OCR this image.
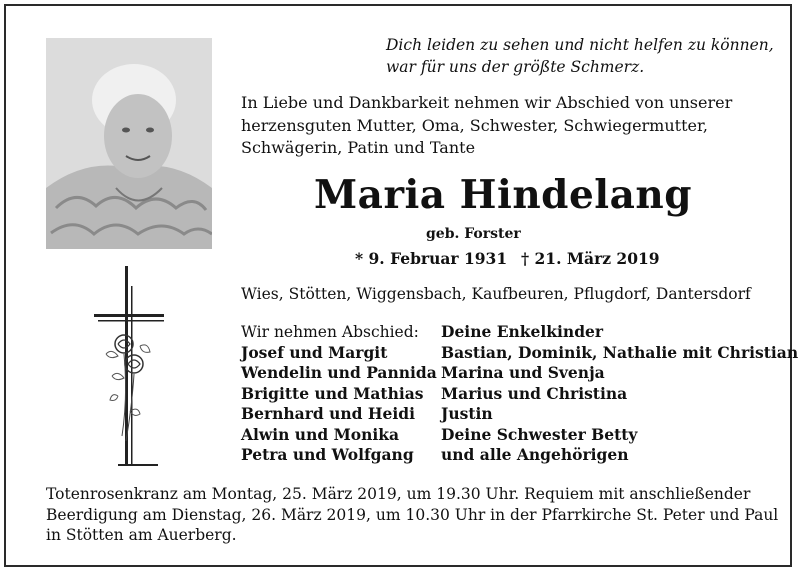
Dich leiden zu sehen und nicht helfen zu können,
war für uns der größte Schmerz.
In Liebe und Dankbarkeit nehmen wir Abschied von unserer
herzensguten Mutter, Oma, Schwester, Schwiegermutter,
Schwägerin, Patin und Tante
Maria Hindelang
geb. Forster
* 9. Februar 1931 † 21. März 2019
Wies, Stötten, Wiggensbach, Kaufbeuren, Pflugdorf, Dantersdorf
Wir nehmen Abschied:
Josef und Margit
Wendelin und Pannida
Brigitte und Mathias
Bernhard und Heidi
Alwin und Monika
Petra und Wolfgang
Deine Enkelkinder
Bastian, Dominik, Nathalie mit Christian
Marina und Svenja
Marius und Christina
Justin
Deine Schwester Betty
und alle Angehörigen
Totenrosenkranz am Montag, 25. März 2019, um 19.30 Uhr. Requiem mit anschließender
Beerdigung am Dienstag, 26. März 2019, um 10.30 Uhr in der Pfarrkirche St. Peter und Paul
in Stötten am Auerberg.
